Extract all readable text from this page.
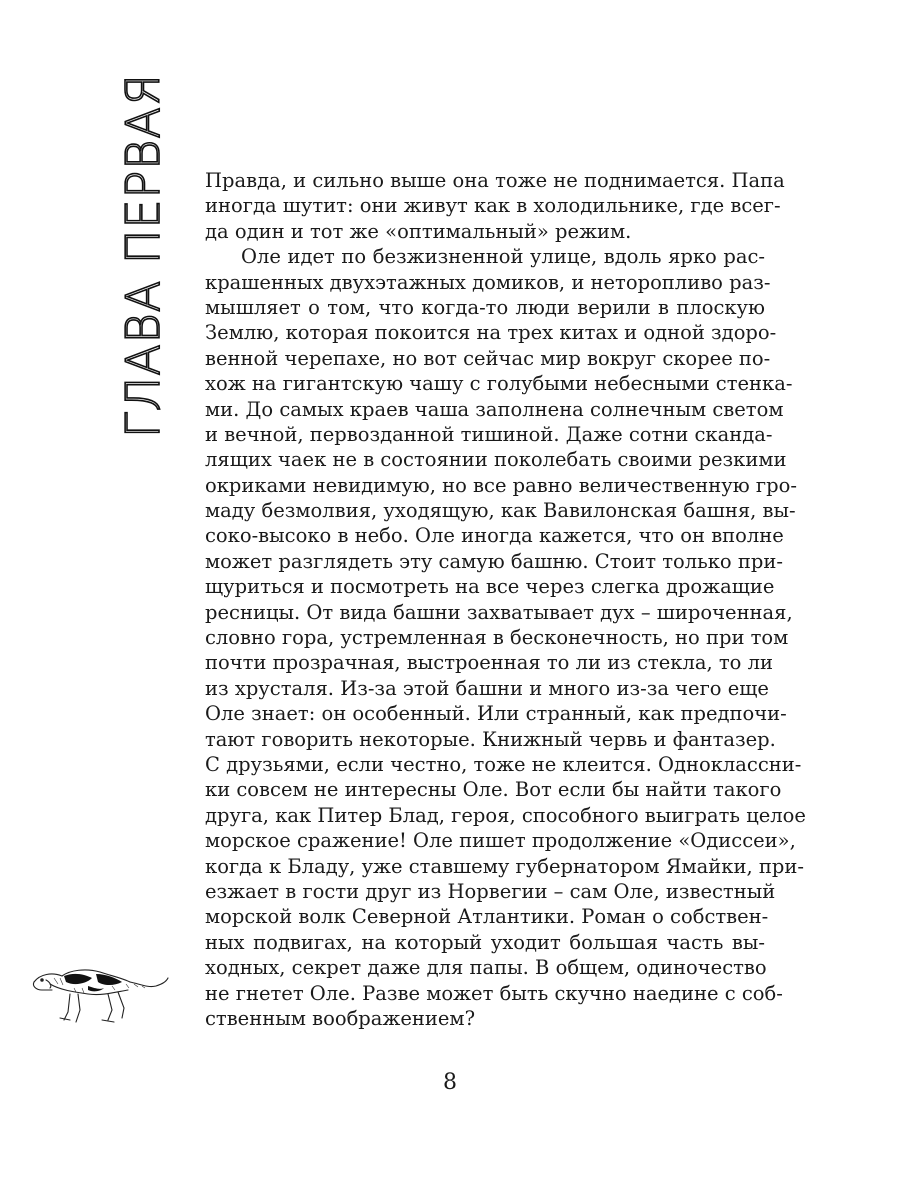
ГЛАВА ПЕРВАЯ Правда, и сильно выше она тоже не поднимается. Папа
иногда шутит: они живут как в холодильнике, где всег-
да один и тот же «оптимальный» режим.
Оле идет по безжизненной улице, вдоль ярко рас-
крашенных двухэтажных домиков, и неторопливо раз-
мышляет о том, что когда-то люди верили в плоскую
Землю, которая покоится на трех китах и одной здоро-
венной черепахе, но вот сейчас мир вокруг скорее по-
хож на гигантскую чашу с голубыми небесными стенка-
ми. До самых краев чаша заполнена солнечным светом
и вечной, первозданной тишиной. Даже сотни сканда-
лящих чаек не в состоянии поколебать своими резкими
окриками невидимую, но все равно величественную гро-
маду безмолвия, уходящую, как Вавилонская башня, вы-
соко-высоко в небо. Оле иногда кажется, что он вполне
может разглядеть эту самую башню. Стоит только при-
щуриться и посмотреть на все через слегка дрожащие
ресницы. От вида башни захватывает дух – широченная,
словно гора, устремленная в бесконечность, но при том
почти прозрачная, выстроенная то ли из стекла, то ли
из хрусталя. Из-за этой башни и много из-за чего еще
Оле знает: он особенный. Или странный, как предпочи-
тают говорить некоторые. Книжный червь и фантазер.
С друзьями, если честно, тоже не клеится. Одноклассни-
ки совсем не интересны Оле. Вот если бы найти такого
друга, как Питер Блад, героя, способного выиграть целое
морское сражение! Оле пишет продолжение «Одиссеи»,
когда к Бладу, уже ставшему губернатором Ямайки, при-
езжает в гости друг из Норвегии – сам Оле, известный
морской волк Северной Атлантики. Роман о собствен-
ных подвигах, на который уходит большая часть вы-
ходных, секрет даже для папы. В общем, одиночество
не гнетет Оле. Разве может быть скучно наедине с соб-
ственным воображением?
8
